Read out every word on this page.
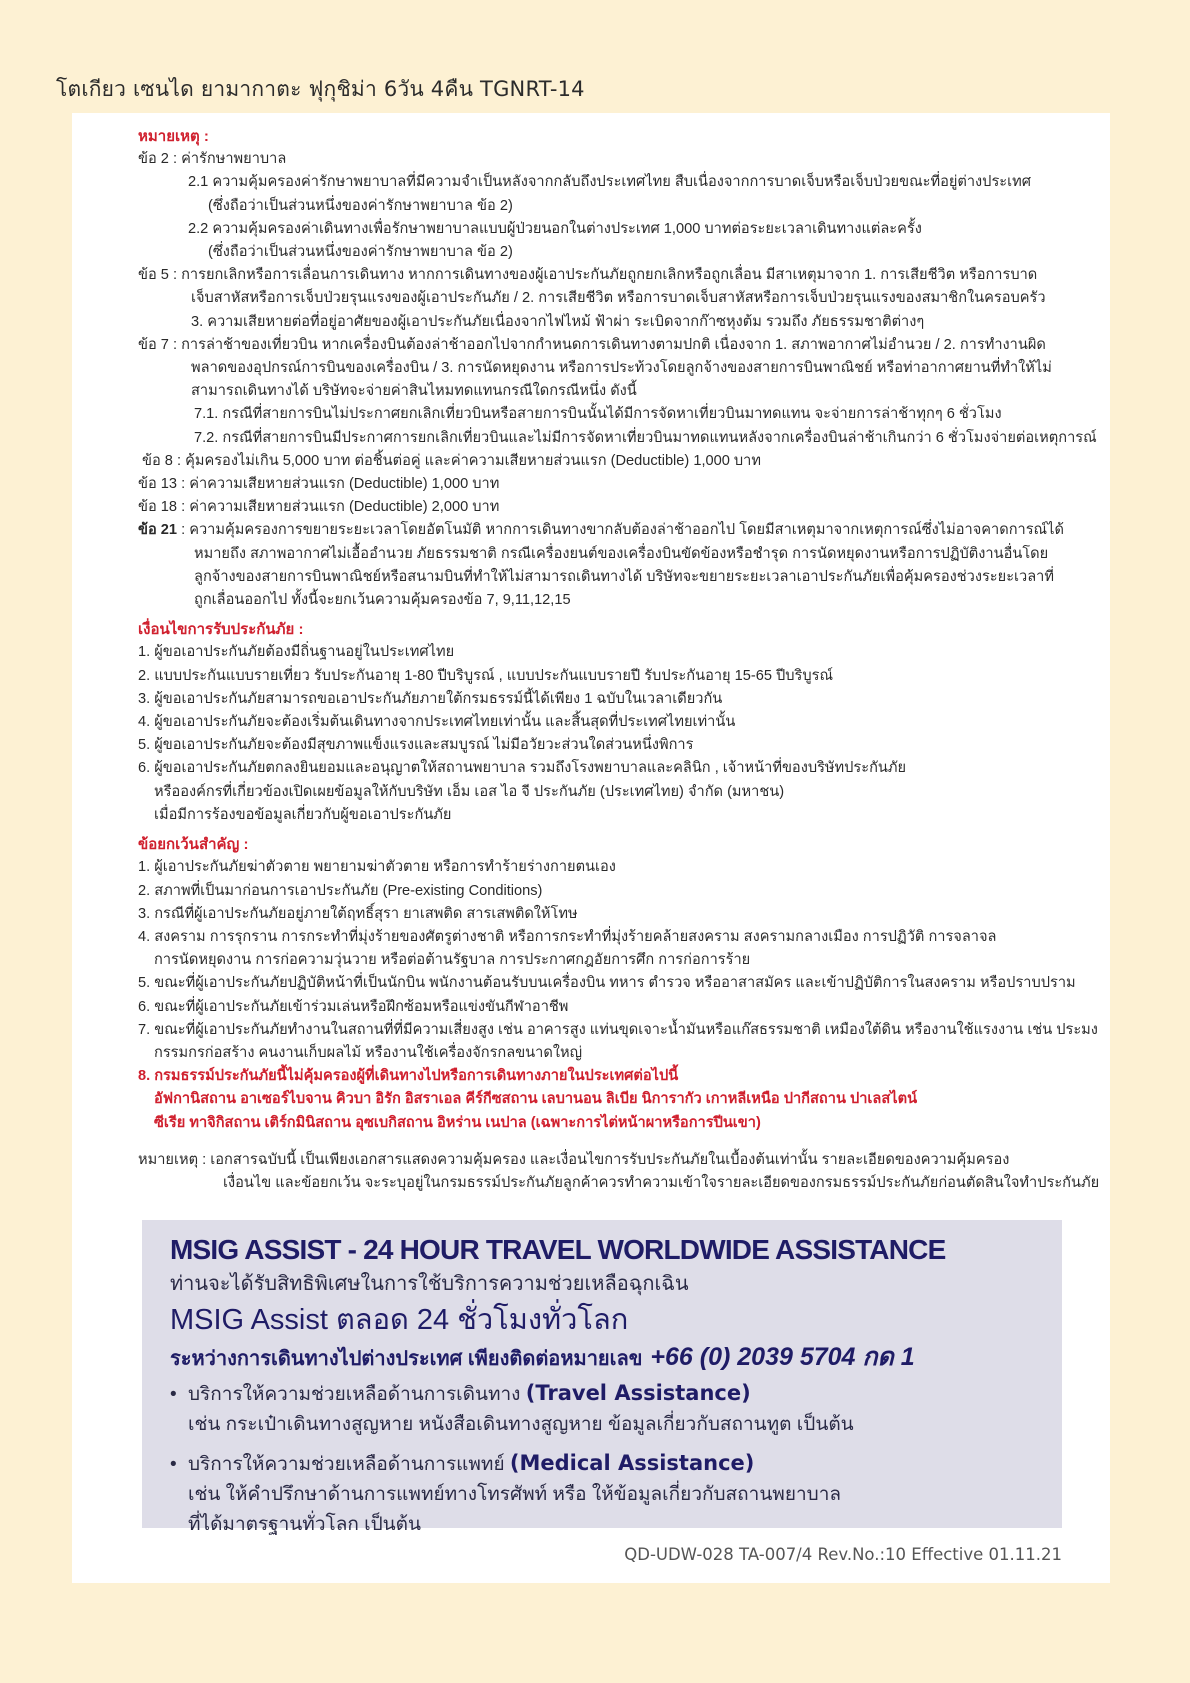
โตเกียว เซนได ยามากาตะ ฟุกุชิม่า 6วัน 4คืน TGNRT-14
หมายเหตุ :
ข้อ 2 : ค่ารักษาพยาบาล
2.1 ความคุ้มครองค่ารักษาพยาบาลที่มีความจำเป็นหลังจากกลับถึงประเทศไทย สืบเนื่องจากการบาดเจ็บหรือเจ็บป่วยขณะที่อยู่ต่างประเทศ
(ซึ่งถือว่าเป็นส่วนหนึ่งของค่ารักษาพยาบาล ข้อ 2)
2.2 ความคุ้มครองค่าเดินทางเพื่อรักษาพยาบาลแบบผู้ป่วยนอกในต่างประเทศ 1,000 บาทต่อระยะเวลาเดินทางแต่ละครั้ง
(ซึ่งถือว่าเป็นส่วนหนึ่งของค่ารักษาพยาบาล ข้อ 2)
ข้อ 5 : การยกเลิกหรือการเลื่อนการเดินทาง หากการเดินทางของผู้เอาประกันภัยถูกยกเลิกหรือถูกเลื่อน มีสาเหตุมาจาก 1. การเสียชีวิต หรือการบาด
เจ็บสาหัสหรือการเจ็บป่วยรุนแรงของผู้เอาประกันภัย / 2. การเสียชีวิต หรือการบาดเจ็บสาหัสหรือการเจ็บป่วยรุนแรงของสมาชิกในครอบครัว
3. ความเสียหายต่อที่อยู่อาศัยของผู้เอาประกันภัยเนื่องจากไฟไหม้ ฟ้าผ่า ระเบิดจากก๊าซหุงต้ม รวมถึง ภัยธรรมชาติต่างๆ
ข้อ 7 : การล่าช้าของเที่ยวบิน หากเครื่องบินต้องล่าช้าออกไปจากกำหนดการเดินทางตามปกติ เนื่องจาก 1. สภาพอากาศไม่อำนวย / 2. การทำงานผิด
พลาดของอุปกรณ์การบินของเครื่องบิน / 3. การนัดหยุดงาน หรือการประท้วงโดยลูกจ้างของสายการบินพาณิชย์ หรือท่าอากาศยานที่ทำให้ไม่
สามารถเดินทางได้ บริษัทจะจ่ายค่าสินไหมทดแทนกรณีใดกรณีหนึ่ง ดังนี้
7.1. กรณีที่สายการบินไม่ประกาศยกเลิกเที่ยวบินหรือสายการบินนั้นได้มีการจัดหาเที่ยวบินมาทดแทน จะจ่ายการล่าช้าทุกๆ 6 ชั่วโมง
7.2. กรณีที่สายการบินมีประกาศการยกเลิกเที่ยวบินและไม่มีการจัดหาเที่ยวบินมาทดแทนหลังจากเครื่องบินล่าช้าเกินกว่า 6 ชั่วโมงจ่ายต่อเหตุการณ์
ข้อ 8 : คุ้มครองไม่เกิน 5,000 บาท ต่อชิ้นต่อคู่ และค่าความเสียหายส่วนแรก (Deductible) 1,000 บาท
ข้อ 13 : ค่าความเสียหายส่วนแรก (Deductible) 1,000 บาท
ข้อ 18 : ค่าความเสียหายส่วนแรก (Deductible) 2,000 บาท
ข้อ 21 : ความคุ้มครองการขยายระยะเวลาโดยอัตโนมัติ หากการเดินทางขากลับต้องล่าช้าออกไป โดยมีสาเหตุมาจากเหตุการณ์ซึ่งไม่อาจคาดการณ์ได้
หมายถึง สภาพอากาศไม่เอื้ออำนวย ภัยธรรมชาติ กรณีเครื่องยนต์ของเครื่องบินขัดข้องหรือชำรุด การนัดหยุดงานหรือการปฏิบัติงานอื่นโดย
ลูกจ้างของสายการบินพาณิชย์หรือสนามบินที่ทำให้ไม่สามารถเดินทางได้ บริษัทจะขยายระยะเวลาเอาประกันภัยเพื่อคุ้มครองช่วงระยะเวลาที่
ถูกเลื่อนออกไป ทั้งนี้จะยกเว้นความคุ้มครองข้อ 7, 9,11,12,15
เงื่อนไขการรับประกันภัย :
1. ผู้ขอเอาประกันภัยต้องมีถิ่นฐานอยู่ในประเทศไทย
2. แบบประกันแบบรายเที่ยว รับประกันอายุ 1-80 ปีบริบูรณ์ , แบบประกันแบบรายปี รับประกันอายุ 15-65 ปีบริบูรณ์
3. ผู้ขอเอาประกันภัยสามารถขอเอาประกันภัยภายใต้กรมธรรม์นี้ได้เพียง 1 ฉบับในเวลาเดียวกัน
4. ผู้ขอเอาประกันภัยจะต้องเริ่มต้นเดินทางจากประเทศไทยเท่านั้น และสิ้นสุดที่ประเทศไทยเท่านั้น
5. ผู้ขอเอาประกันภัยจะต้องมีสุขภาพแข็งแรงและสมบูรณ์ ไม่มีอวัยวะส่วนใดส่วนหนึ่งพิการ
6. ผู้ขอเอาประกันภัยตกลงยินยอมและอนุญาตให้สถานพยาบาล รวมถึงโรงพยาบาลและคลินิก , เจ้าหน้าที่ของบริษัทประกันภัย
หรือองค์กรที่เกี่ยวข้องเปิดเผยข้อมูลให้กับบริษัท เอ็ม เอส ไอ จี ประกันภัย (ประเทศไทย) จำกัด (มหาชน)
เมื่อมีการร้องขอข้อมูลเกี่ยวกับผู้ขอเอาประกันภัย
ข้อยกเว้นสำคัญ :
1. ผู้เอาประกันภัยฆ่าตัวตาย พยายามฆ่าตัวตาย หรือการทำร้ายร่างกายตนเอง
2. สภาพที่เป็นมาก่อนการเอาประกันภัย (Pre-existing Conditions)
3. กรณีที่ผู้เอาประกันภัยอยู่ภายใต้ฤทธิ์สุรา ยาเสพติด สารเสพติดให้โทษ
4. สงคราม การรุกราน การกระทำที่มุ่งร้ายของศัตรูต่างชาติ หรือการกระทำที่มุ่งร้ายคล้ายสงคราม สงครามกลางเมือง การปฏิวัติ การจลาจล
การนัดหยุดงาน การก่อความวุ่นวาย หรือต่อต้านรัฐบาล การประกาศกฎอัยการศึก การก่อการร้าย
5. ขณะที่ผู้เอาประกันภัยปฏิบัติหน้าที่เป็นนักบิน พนักงานต้อนรับบนเครื่องบิน ทหาร ตำรวจ หรืออาสาสมัคร และเข้าปฏิบัติการในสงคราม หรือปราบปราม
6. ขณะที่ผู้เอาประกันภัยเข้าร่วมเล่นหรือฝึกซ้อมหรือแข่งขันกีฬาอาชีพ
7. ขณะที่ผู้เอาประกันภัยทำงานในสถานที่ที่มีความเสี่ยงสูง เช่น อาคารสูง แท่นขุดเจาะน้ำมันหรือแก๊สธรรมชาติ เหมืองใต้ดิน หรืองานใช้แรงงาน เช่น ประมง
กรรมกรก่อสร้าง คนงานเก็บผลไม้ หรืองานใช้เครื่องจักรกลขนาดใหญ่
8. กรมธรรม์ประกันภัยนี้ไม่คุ้มครองผู้ที่เดินทางไปหรือการเดินทางภายในประเทศต่อไปนี้
อัฟกานิสถาน อาเซอร์ไบจาน คิวบา อิรัก อิสราเอล คีร์กีซสถาน เลบานอน ลิเบีย นิการากัว เกาหลีเหนือ ปากีสถาน ปาเลสไตน์
ซีเรีย ทาจิกิสถาน เติร์กมินิสถาน อุซเบกิสถาน อิหร่าน เนปาล (เฉพาะการไต่หน้าผาหรือการปีนเขา)
หมายเหตุ : เอกสารฉบับนี้ เป็นเพียงเอกสารแสดงความคุ้มครอง และเงื่อนไขการรับประกันภัยในเบื้องต้นเท่านั้น รายละเอียดของความคุ้มครอง
เงื่อนไข และข้อยกเว้น จะระบุอยู่ในกรมธรรม์ประกันภัยลูกค้าควรทำความเข้าใจรายละเอียดของกรมธรรม์ประกันภัยก่อนตัดสินใจทำประกันภัย
MSIG ASSIST - 24 HOUR TRAVEL WORLDWIDE ASSISTANCE
ท่านจะได้รับสิทธิพิเศษในการใช้บริการความช่วยเหลือฉุกเฉิน
MSIG Assist ตลอด 24 ชั่วโมงทั่วโลก
ระหว่างการเดินทางไปต่างประเทศ เพียงติดต่อหมายเลข +66 (0) 2039 5704 กด 1
• บริการให้ความช่วยเหลือด้านการเดินทาง (Travel Assistance)
เช่น กระเป๋าเดินทางสูญหาย หนังสือเดินทางสูญหาย ข้อมูลเกี่ยวกับสถานทูต เป็นต้น
• บริการให้ความช่วยเหลือด้านการแพทย์ (Medical Assistance)
เช่น ให้คำปรึกษาด้านการแพทย์ทางโทรศัพท์ หรือ ให้ข้อมูลเกี่ยวกับสถานพยาบาล
ที่ได้มาตรฐานทั่วโลก เป็นต้น
QD-UDW-028 TA-007/4 Rev.No.:10 Effective 01.11.21
